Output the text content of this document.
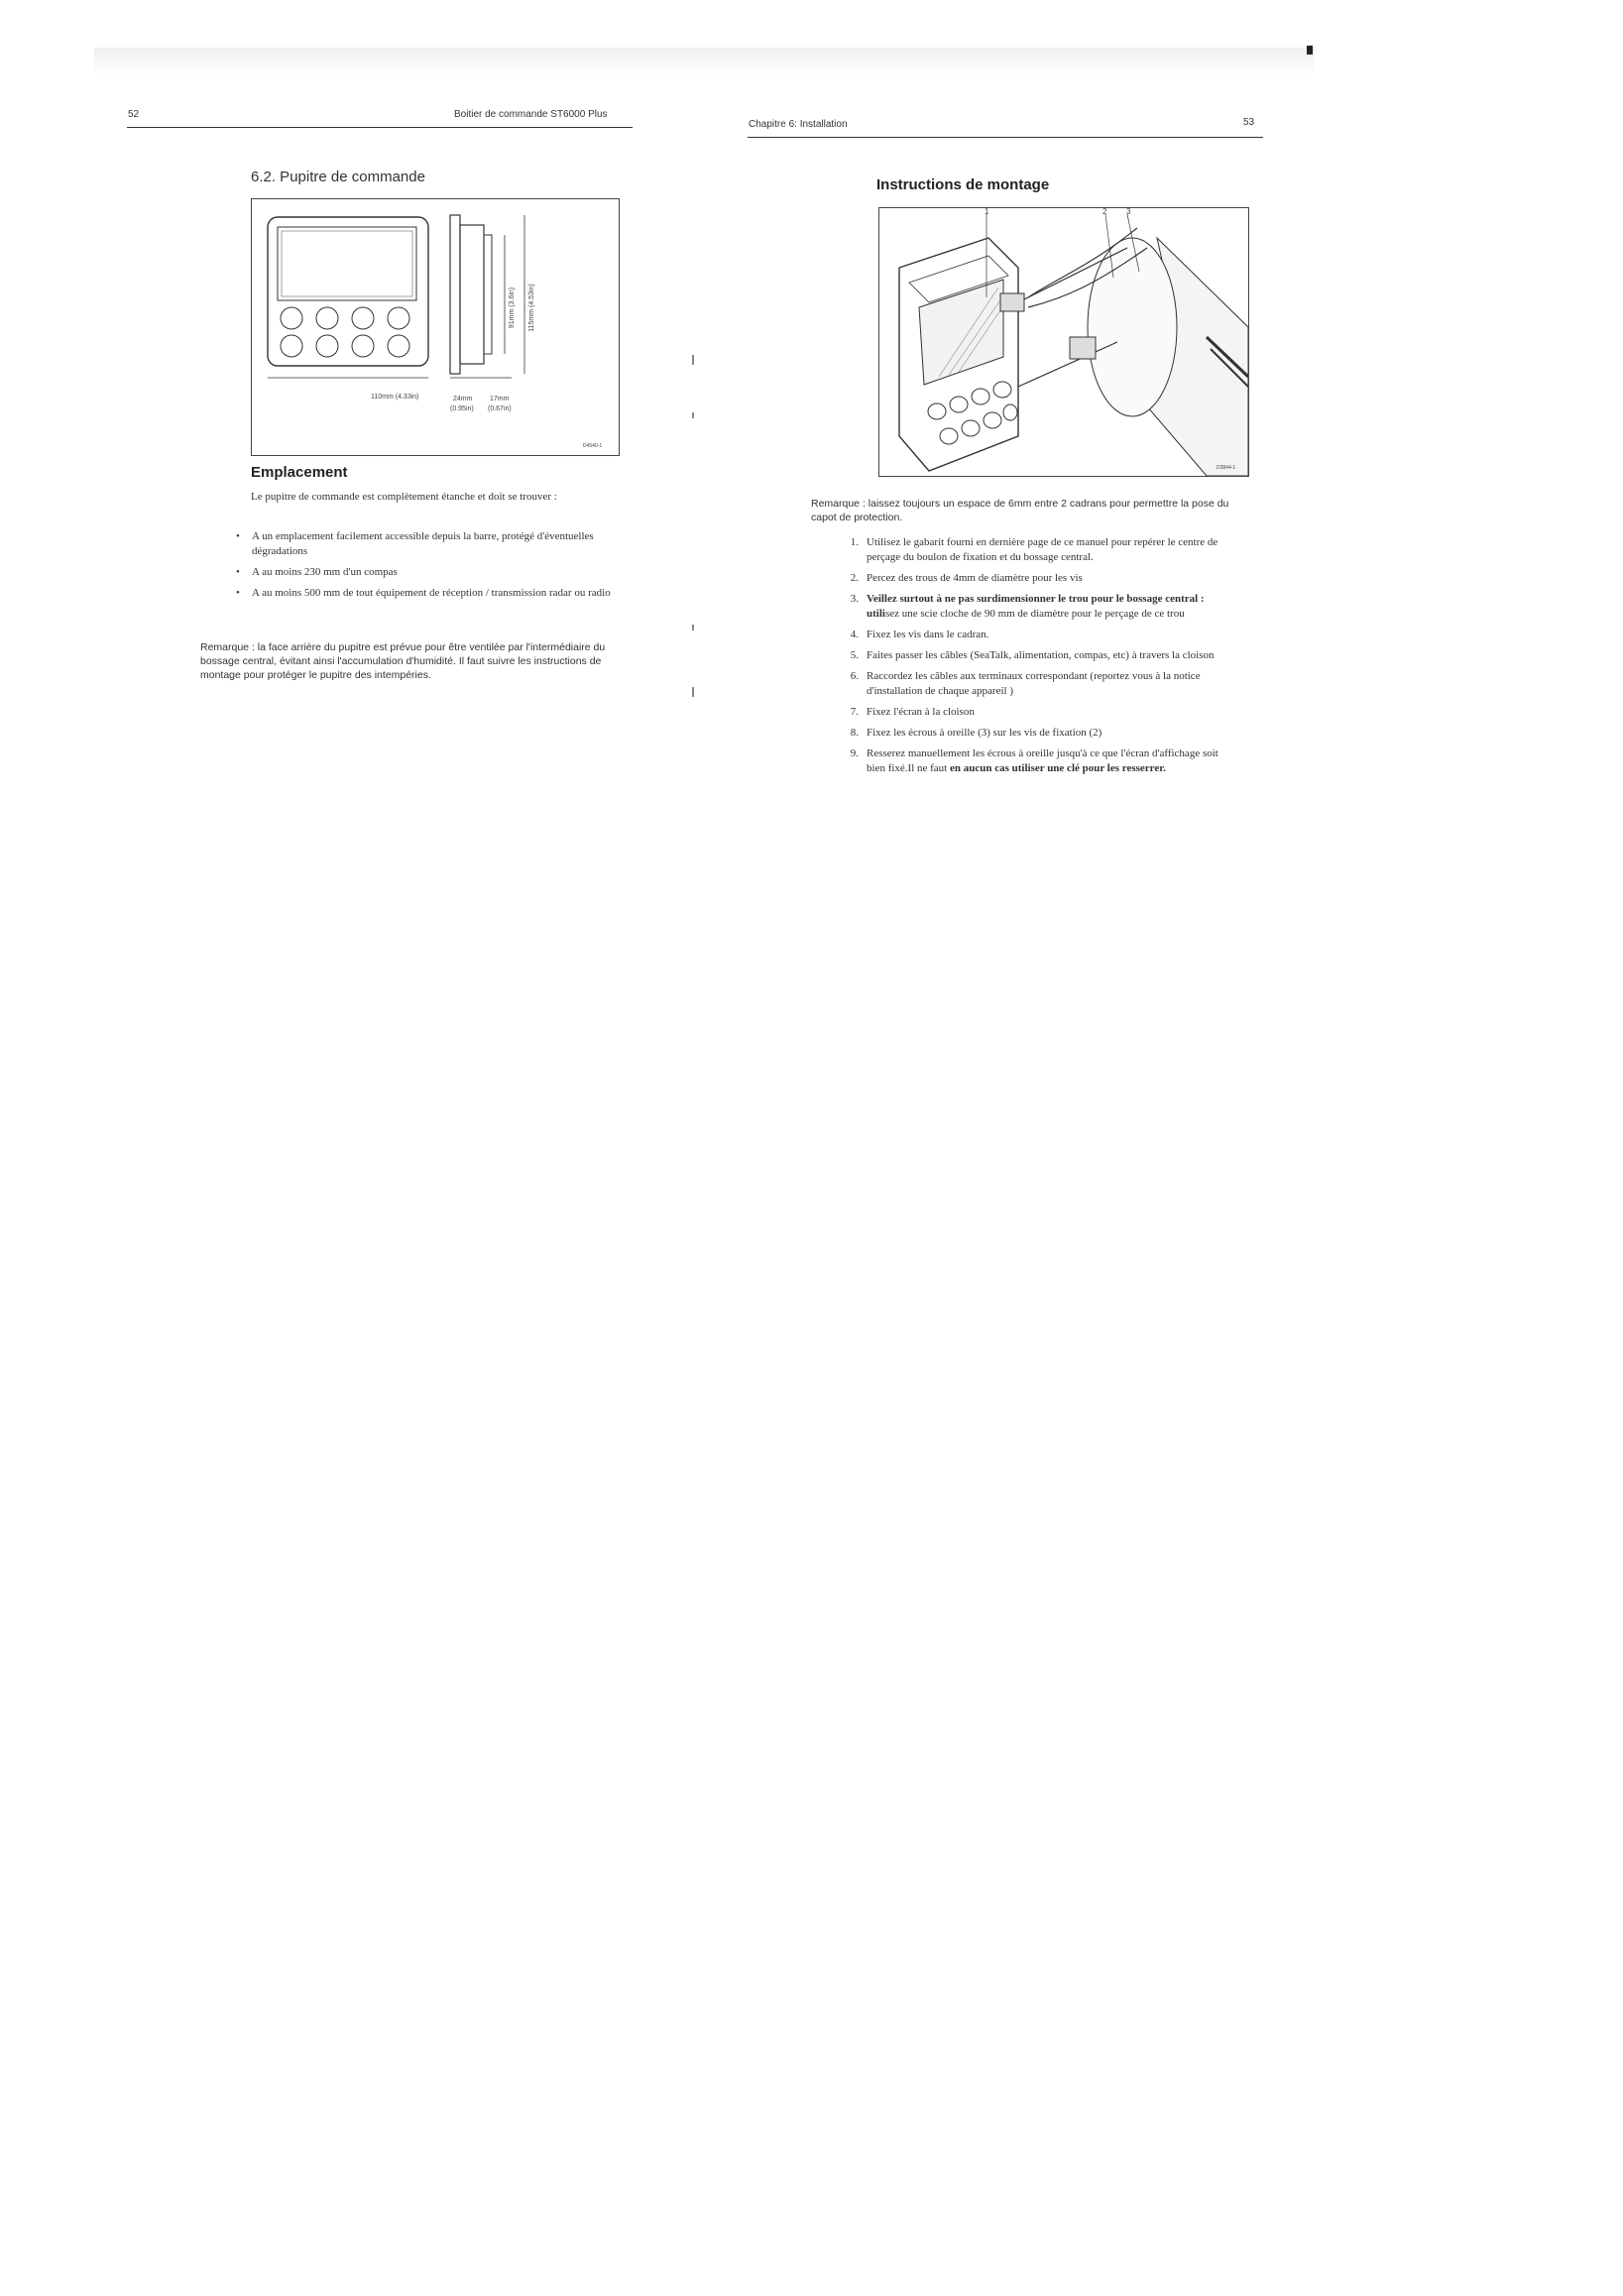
52	Boitier de commande ST6000 Plus
6.2. Pupitre de commande
110mm (4.33in)
91mm (3.6in) 115mm (4.53in)
24mm
(0.95in)
17mm
(0.67in)
D4540-1
Emplacement
Le pupitre de commande est complètement étanche et doit se trouver :
• A un emplacement facilement accessible depuis la barre, protégé d'éventuelles dégradations
• A au moins 230 mm d'un compas
• A au moins 500 mm de tout équipement de réception / transmission radar ou radio
Remarque : la face arrière du pupitre est prévue pour être ventilée par l'intermédiaire du bossage central, évitant ainsi l'accumulation d'humidité. Il faut suivre les instructions de montage pour protéger le pupitre des intempéries.
Chapitre 6: Installation	53
Instructions de montage
1	2 3
D3844-1
Remarque : laissez toujours un espace de 6mm entre 2 cadrans pour permettre la pose du capot de protection.
1. Utilisez le gabarit fourni en dernière page de ce manuel pour repérer le centre de perçage du boulon de fixation et du bossage central.
2. Percez des trous de 4mm de diamètre pour les vis
3. Veillez surtout à ne pas surdimensionner le trou pour le bossage central : utilisez une scie cloche de 90 mm de diamètre pour le perçage de ce trou
4. Fixez les vis dans le cadran.
5. Faites passer les câbles (SeaTalk, alimentation, compas, etc) à travers la cloison
6. Raccordez les câbles aux terminaux correspondant (reportez vous à la notice d'installation de chaque appareil )
7. Fixez l'écran à la cloison
8. Fixez les écrous à oreille (3) sur les vis de fixation (2)
9. Resserez manuellement les écrous à oreille jusqu'à ce que l'écran d'affichage soit bien fixé.Il ne faut en aucun cas utiliser une clé pour les resserrer.
